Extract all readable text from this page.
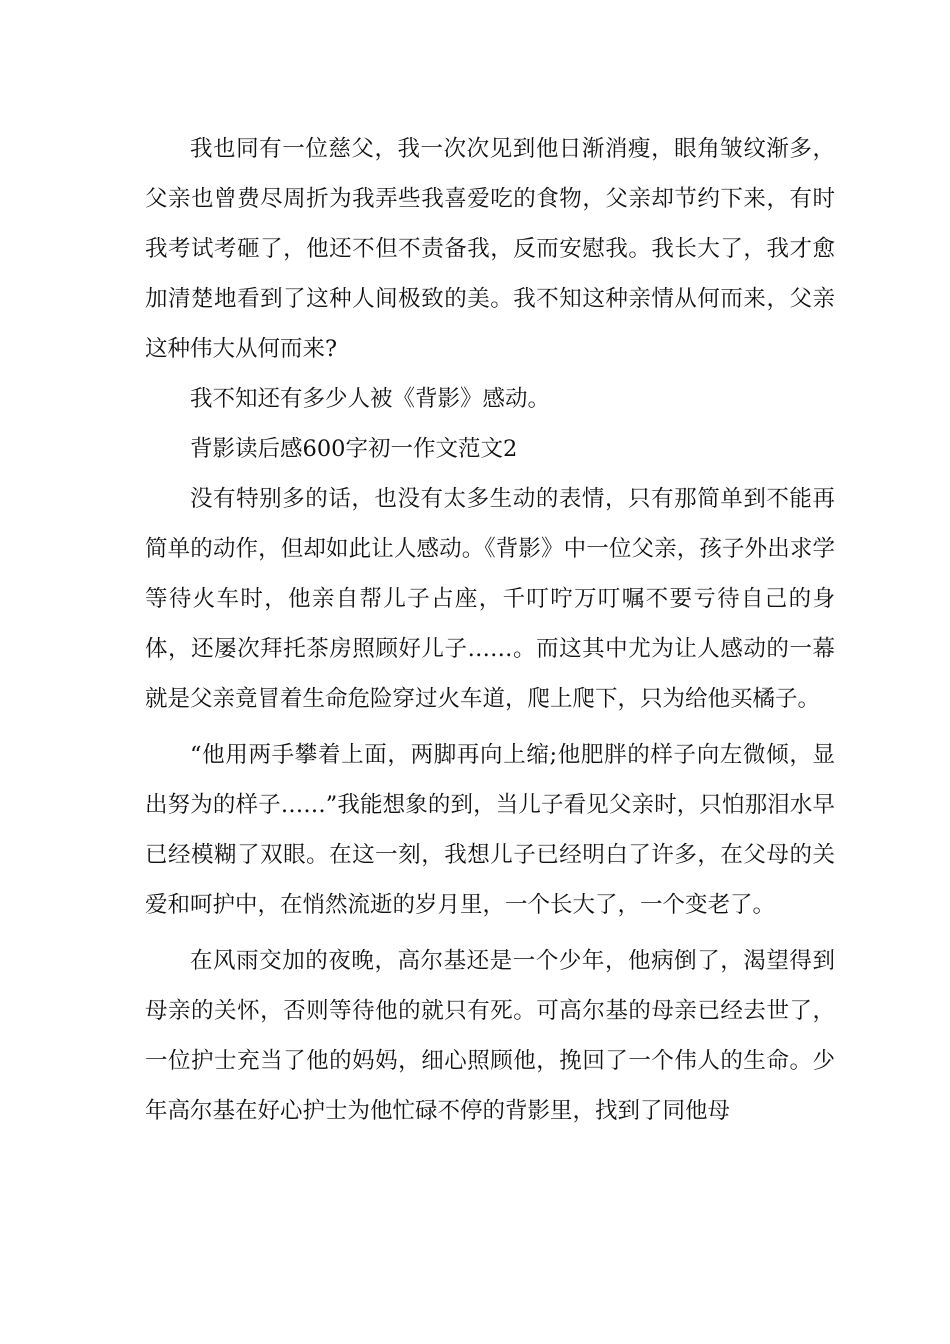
我也同有一位慈父，我一次次见到他日渐消瘦，眼角皱纹渐多，父亲也曾费尽周折为我弄些我喜爱吃的食物，父亲却节约下来，有时我考试考砸了，他还不但不责备我，反而安慰我。我长大了，我才愈加清楚地看到了这种人间极致的美。我不知这种亲情从何而来，父亲这种伟大从何而来?

我不知还有多少人被《背影》感动。

背影读后感600字初一作文范文2

没有特别多的话，也没有太多生动的表情，只有那简单到不能再简单的动作，但却如此让人感动。《背影》中一位父亲，孩子外出求学等待火车时，他亲自帮儿子占座，千叮咛万叮嘱不要亏待自己的身体，还屡次拜托茶房照顾好儿子……。而这其中尤为让人感动的一幕就是父亲竟冒着生命危险穿过火车道，爬上爬下，只为给他买橘子。

“他用两手攀着上面，两脚再向上缩;他肥胖的样子向左微倾，显出努为的样子……”我能想象的到，当儿子看见父亲时，只怕那泪水早已经模糊了双眼。在这一刻，我想儿子已经明白了许多，在父母的关爱和呵护中，在悄然流逝的岁月里，一个长大了，一个变老了。

在风雨交加的夜晚，高尔基还是一个少年，他病倒了，渴望得到母亲的关怀，否则等待他的就只有死。可高尔基的母亲已经去世了，一位护士充当了他的妈妈，细心照顾他，挽回了一个伟人的生命。少年高尔基在好心护士为他忙碌不停的背影里，找到了同他母
